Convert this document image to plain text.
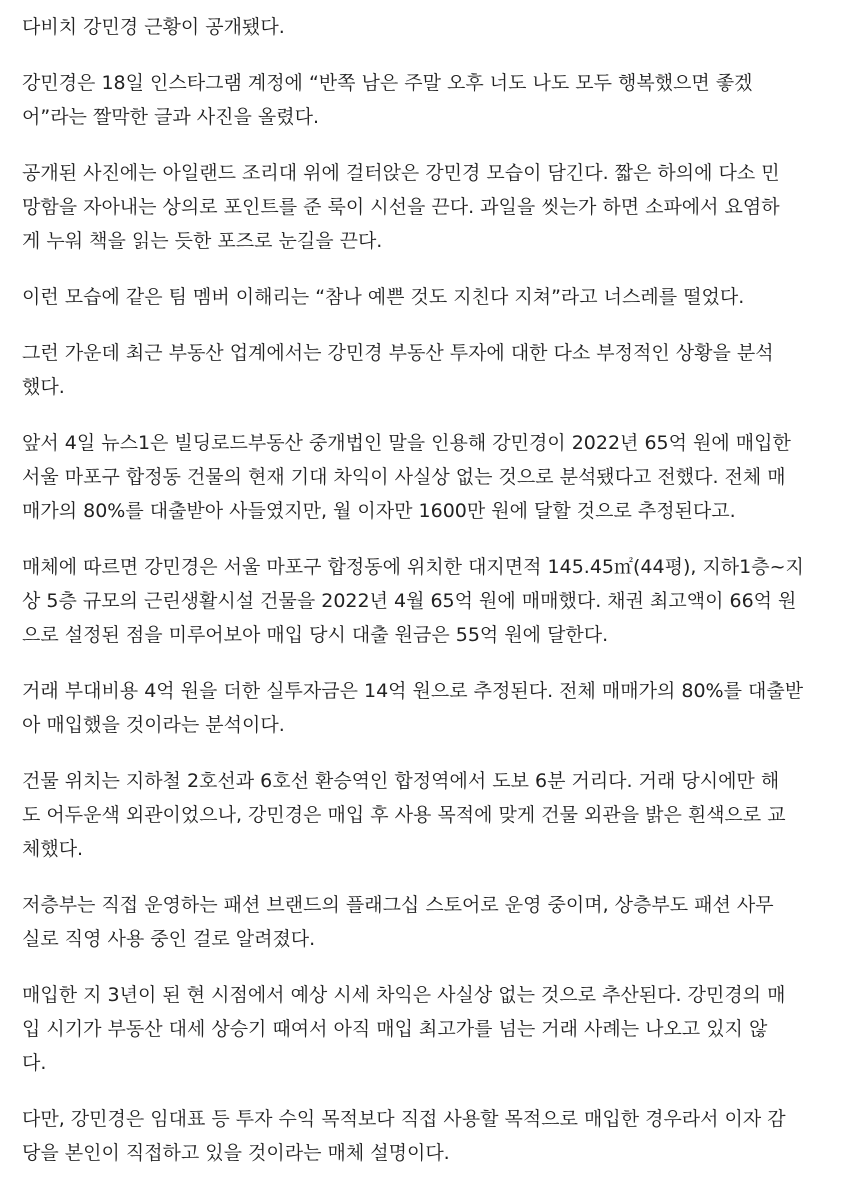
다비치 강민경 근황이 공개됐다.

강민경은 18일 인스타그램 계정에 “반쪽 남은 주말 오후 너도 나도 모두 행복했으면 좋겠
어”라는 짤막한 글과 사진을 올렸다.

공개된 사진에는 아일랜드 조리대 위에 걸터앉은 강민경 모습이 담긴다. 짧은 하의에 다소 민
망함을 자아내는 상의로 포인트를 준 룩이 시선을 끈다. 과일을 씻는가 하면 소파에서 요염하
게 누워 책을 읽는 듯한 포즈로 눈길을 끈다.

이런 모습에 같은 팀 멤버 이해리는 “참나 예쁜 것도 지친다 지쳐”라고 너스레를 떨었다.

그런 가운데 최근 부동산 업계에서는 강민경 부동산 투자에 대한 다소 부정적인 상황을 분석
했다.

앞서 4일 뉴스1은 빌딩로드부동산 중개법인 말을 인용해 강민경이 2022년 65억 원에 매입한
서울 마포구 합정동 건물의 현재 기대 차익이 사실상 없는 것으로 분석됐다고 전했다. 전체 매
매가의 80%를 대출받아 사들였지만, 월 이자만 1600만 원에 달할 것으로 추정된다고.

매체에 따르면 강민경은 서울 마포구 합정동에 위치한 대지면적 145.45㎡(44평), 지하1층~지
상 5층 규모의 근린생활시설 건물을 2022년 4월 65억 원에 매매했다. 채권 최고액이 66억 원
으로 설정된 점을 미루어보아 매입 당시 대출 원금은 55억 원에 달한다.

거래 부대비용 4억 원을 더한 실투자금은 14억 원으로 추정된다. 전체 매매가의 80%를 대출받
아 매입했을 것이라는 분석이다.

건물 위치는 지하철 2호선과 6호선 환승역인 합정역에서 도보 6분 거리다. 거래 당시에만 해
도 어두운색 외관이었으나, 강민경은 매입 후 사용 목적에 맞게 건물 외관을 밝은 흰색으로 교
체했다.

저층부는 직접 운영하는 패션 브랜드의 플래그십 스토어로 운영 중이며, 상층부도 패션 사무
실로 직영 사용 중인 걸로 알려졌다.

매입한 지 3년이 된 현 시점에서 예상 시세 차익은 사실상 없는 것으로 추산된다. 강민경의 매
입 시기가 부동산 대세 상승기 때여서 아직 매입 최고가를 넘는 거래 사례는 나오고 있지 않
다.

다만, 강민경은 임대표 등 투자 수익 목적보다 직접 사용할 목적으로 매입한 경우라서 이자 감
당을 본인이 직접하고 있을 것이라는 매체 설명이다.
